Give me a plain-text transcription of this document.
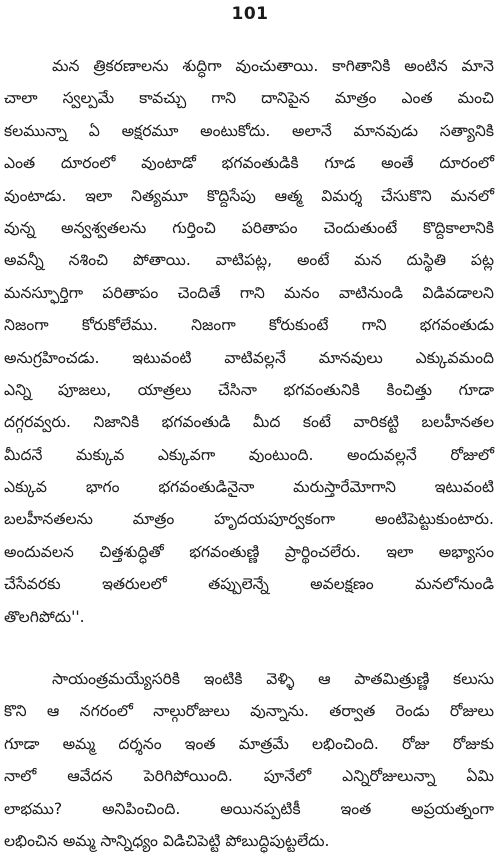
101
మన త్రికరణాలను శుద్ధిగా వుంచుతాయి. కాగితానికి అంటిన మానె
చాలా స్వల్పమే కావచ్చు గాని దానిపైన మాత్రం ఎంత మంచి
కలమున్నా ఏ అక్షరమూ అంటుకోదు. అలానే మానవుడు సత్యానికి
ఎంత దూరంలో వుంటాడో భగవంతుడికి గూడ అంతే దూరంలో
వుంటాడు. ఇలా నిత్యమూ కొద్దిసేపు ఆత్మ విమర్శ చేసుకొని మనలో
వున్న అన్వశ్వతలను గుర్తించి పరితాపం చెందుతుంటే కొద్దికాలానికి
అవన్నీ నశించి పోతాయి. వాటిపట్ల, అంటే మన దుస్థితి పట్ల
మనస్ఫూర్తిగా పరితాపం చెందితే గాని మనం వాటినుండి విడివడాలని
నిజంగా కోరుకోలేము. నిజంగా కోరుకుంటే గాని భగవంతుడు
అనుగ్రహించడు. ఇటువంటి వాటివల్లనే మానవులు ఎక్కువమంది
ఎన్ని పూజలు, యాత్రలు చేసినా భగవంతునికి కించిత్తు గూడా
దగ్గరవ్వరు. నిజానికి భగవంతుడి మీద కంటే వారికట్టి బలహీనతల
మీదనే మక్కువ ఎక్కువగా వుంటుంది. అందువల్లనే రోజులో
ఎక్కువ భాగం భగవంతుడినైనా మరుస్తారేమోగాని ఇటువంటి
బలహీనతలను మాత్రం హృదయపూర్వకంగా అంటిపెట్టుకుంటారు.
అందువలన చిత్తశుద్ధితో భగవంతుణ్ణి ప్రార్థించలేరు. ఇలా అభ్యాసం
చేసేవరకు ఇతరులలో తప్పులెన్నే అవలక్షణం మనలోనుండి
తొలగిపోదు''.
సాయంత్రమయ్యేసరికి ఇంటికి వెళ్ళి ఆ పాతమిత్రుణ్ణి కలుసు
కొని ఆ నగరంలో నాల్గురోజులు వున్నాను. తర్వాత రెండు రోజులు
గూడా అమ్మ దర్శనం ఇంత మాత్రమే లభించింది. రోజు రోజుకు
నాలో ఆవేదన పెరిగిపోయింది. పూనేలో ఎన్నిరోజులున్నా ఏమి
లాభము? అనిపించింది. అయినప్పటికీ ఇంత అప్రయత్నంగా
లభించిన అమ్మ సాన్నిధ్యం విడిచిపెట్టి పోబుద్ధిపుట్టలేదు.
